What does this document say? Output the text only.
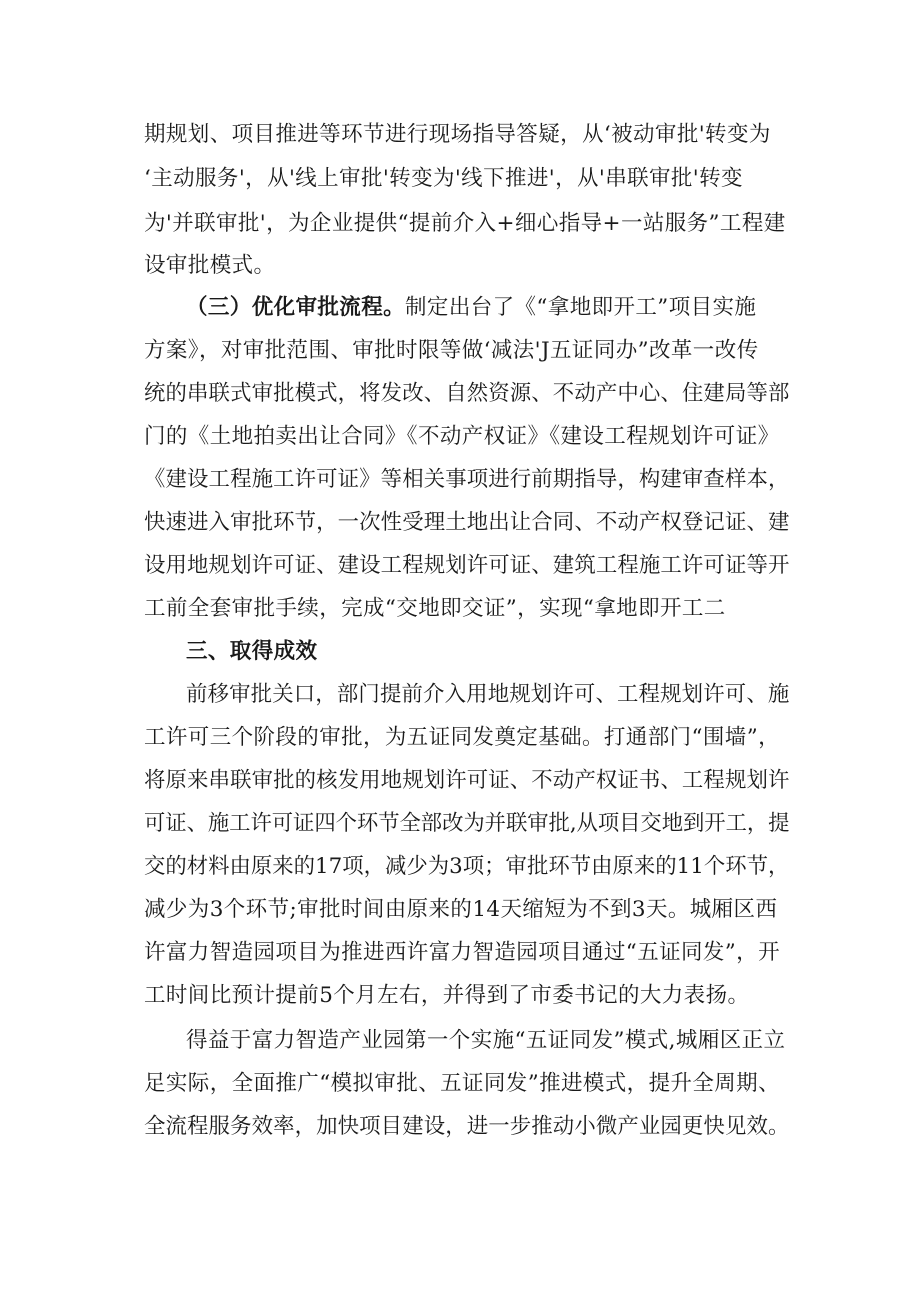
期规划、项目推进等环节进行现场指导答疑，从‘被动审批'转变为
‘主动服务'，从'线上审批'转变为'线下推进'，从'串联审批'转变
为'并联审批'，为企业提供“提前介入+细心指导+一站服务”工程建
设审批模式。
（三）优化审批流程。制定出台了《“拿地即开工”项目实施
方案》，对审批范围、审批时限等做‘减法'J五证同办”改革一改传
统的串联式审批模式，将发改、自然资源、不动产中心、住建局等部
门的《土地拍卖出让合同》《不动产权证》《建设工程规划许可证》
《建设工程施工许可证》等相关事项进行前期指导，构建审查样本，
快速进入审批环节，一次性受理土地出让合同、不动产权登记证、建
设用地规划许可证、建设工程规划许可证、建筑工程施工许可证等开
工前全套审批手续，完成“交地即交证”，实现“拿地即开工二
三、取得成效
前移审批关口，部门提前介入用地规划许可、工程规划许可、施
工许可三个阶段的审批，为五证同发奠定基础。打通部门“围墙”，
将原来串联审批的核发用地规划许可证、不动产权证书、工程规划许
可证、施工许可证四个环节全部改为并联审批,从项目交地到开工，提
交的材料由原来的17项，减少为3项；审批环节由原来的11个环节，
减少为3个环节;审批时间由原来的14天缩短为不到3天。城厢区西
许富力智造园项目为推进西许富力智造园项目通过“五证同发”，开
工时间比预计提前5个月左右，并得到了市委书记的大力表扬。
得益于富力智造产业园第一个实施“五证同发”模式,城厢区正立
足实际，全面推广“模拟审批、五证同发”推进模式，提升全周期、
全流程服务效率，加快项目建设，进一步推动小微产业园更快见效。
